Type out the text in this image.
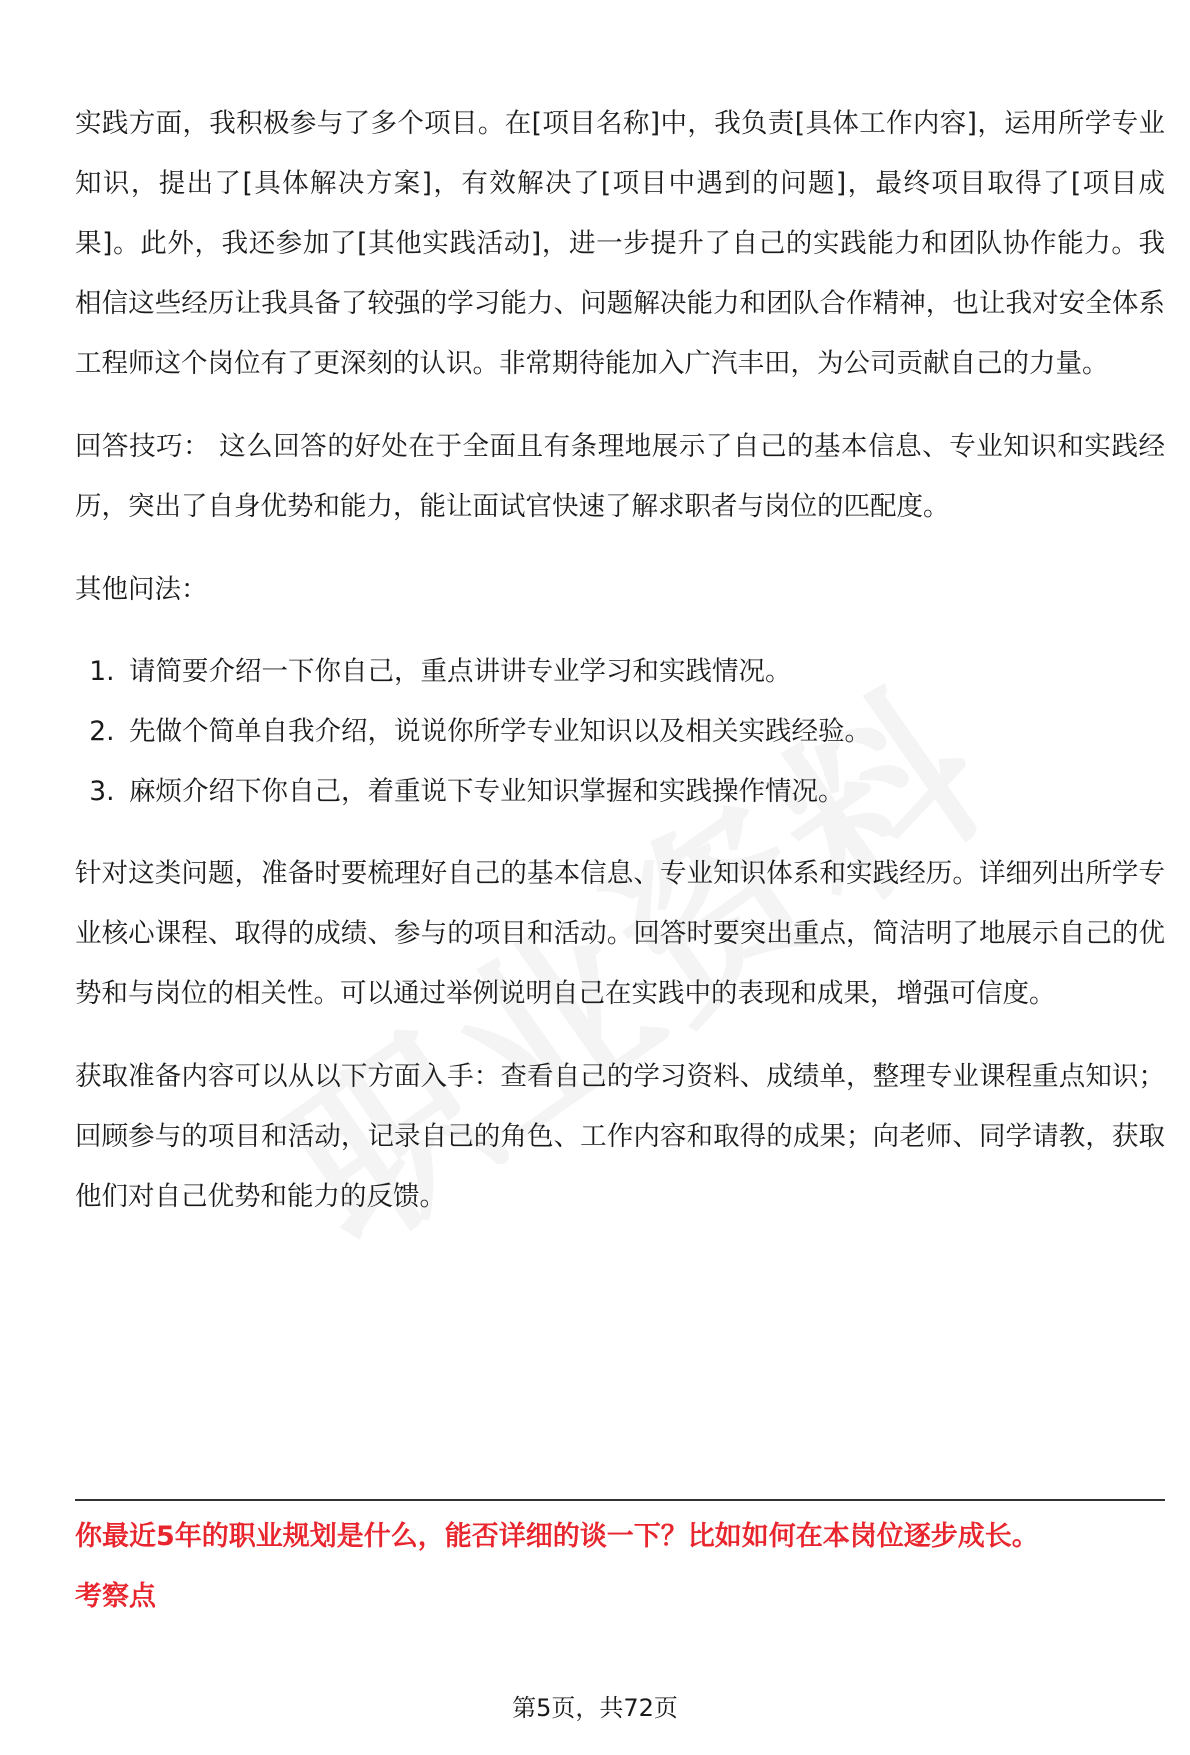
实践方面，我积极参与了多个项目。在[项目名称]中，我负责[具体工作内容]，运用所学专业知识，提出了[具体解决方案]，有效解决了[项目中遇到的问题]，最终项目取得了[项目成果]。此外，我还参加了[其他实践活动]，进一步提升了自己的实践能力和团队协作能力。我相信这些经历让我具备了较强的学习能力、问题解决能力和团队合作精神，也让我对安全体系工程师这个岗位有了更深刻的认识。非常期待能加入广汽丰田，为公司贡献自己的力量。

回答技巧： 这么回答的好处在于全面且有条理地展示了自己的基本信息、专业知识和实践经历，突出了自身优势和能力，能让面试官快速了解求职者与岗位的匹配度。

其他问法：

1. 请简要介绍一下你自己，重点讲讲专业学习和实践情况。
2. 先做个简单自我介绍，说说你所学专业知识以及相关实践经验。
3. 麻烦介绍下你自己，着重说下专业知识掌握和实践操作情况。

针对这类问题，准备时要梳理好自己的基本信息、专业知识体系和实践经历。详细列出所学专业核心课程、取得的成绩、参与的项目和活动。回答时要突出重点，简洁明了地展示自己的优势和与岗位的相关性。可以通过举例说明自己在实践中的表现和成果，增强可信度。

获取准备内容可以从以下方面入手：查看自己的学习资料、成绩单，整理专业课程重点知识；回顾参与的项目和活动，记录自己的角色、工作内容和取得的成果；向老师、同学请教，获取他们对自己优势和能力的反馈。

你最近5年的职业规划是什么，能否详细的谈一下？比如如何在本岗位逐步成长。

考察点

第5页，共72页
